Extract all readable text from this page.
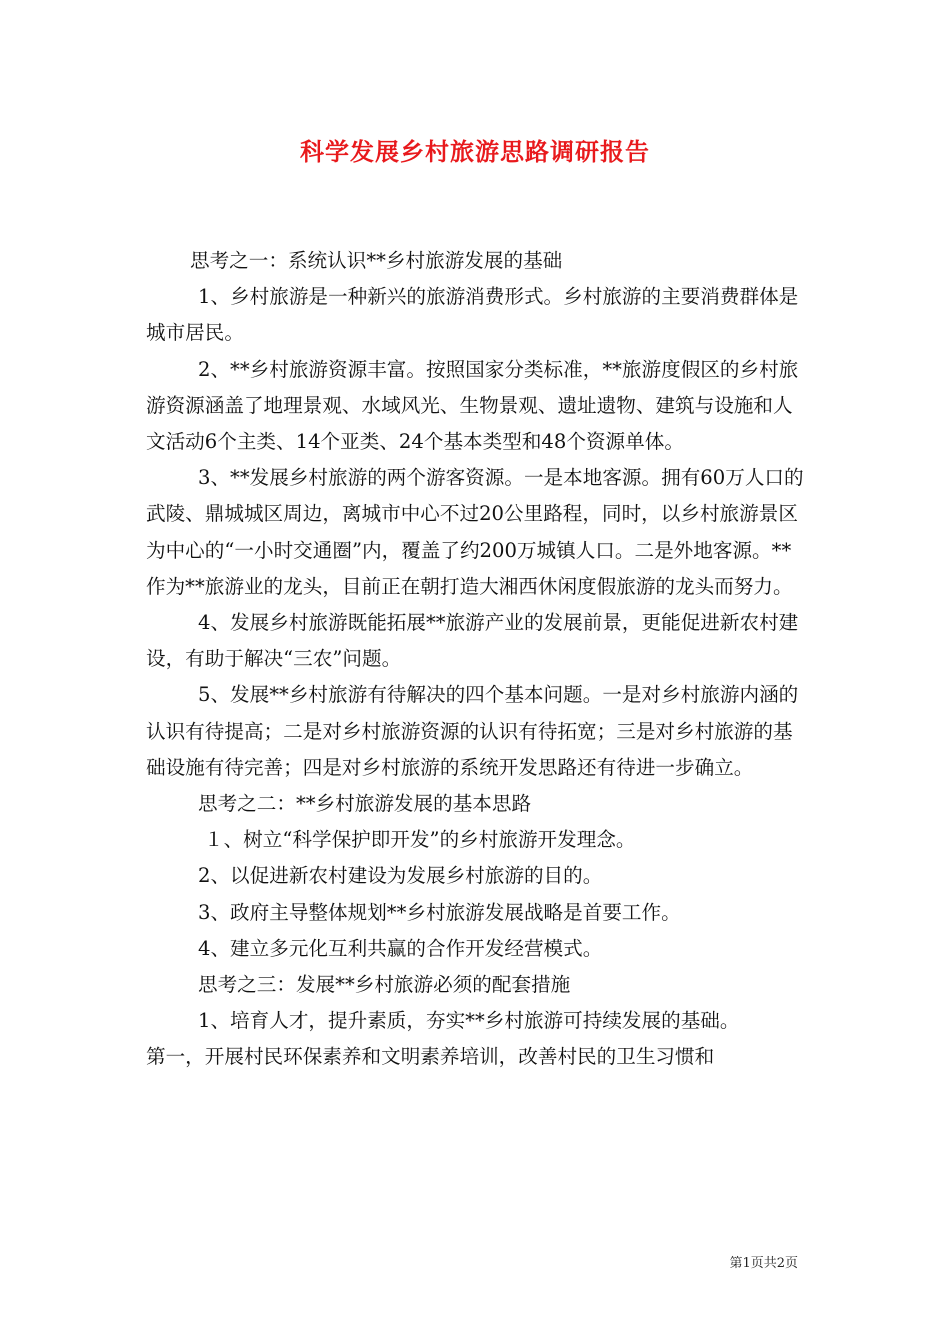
科学发展乡村旅游思路调研报告

思考之一：系统认识**乡村旅游发展的基础

1、乡村旅游是一种新兴的旅游消费形式。乡村旅游的主要消费群体是城市居民。

2、**乡村旅游资源丰富。按照国家分类标准，**旅游度假区的乡村旅游资源涵盖了地理景观、水域风光、生物景观、遗址遗物、建筑与设施和人文活动6个主类、14个亚类、24个基本类型和48个资源单体。

3、**发展乡村旅游的两个游客资源。一是本地客源。拥有60万人口的武陵、鼎城城区周边，离城市中心不过20公里路程，同时，以乡村旅游景区为中心的“一小时交通圈”内，覆盖了约200万城镇人口。二是外地客源。**作为**旅游业的龙头，目前正在朝打造大湘西休闲度假旅游的龙头而努力。

4、发展乡村旅游既能拓展**旅游产业的发展前景，更能促进新农村建设，有助于解决“三农”问题。

5、发展**乡村旅游有待解决的四个基本问题。一是对乡村旅游内涵的认识有待提高；二是对乡村旅游资源的认识有待拓宽；三是对乡村旅游的基础设施有待完善；四是对乡村旅游的系统开发思路还有待进一步确立。

思考之二：**乡村旅游发展的基本思路

１、树立“科学保护即开发”的乡村旅游开发理念。

2、以促进新农村建设为发展乡村旅游的目的。

3、政府主导整体规划**乡村旅游发展战略是首要工作。

4、建立多元化互利共赢的合作开发经营模式。

思考之三：发展**乡村旅游必须的配套措施

1、培育人才，提升素质，夯实**乡村旅游可持续发展的基础。

第一，开展村民环保素养和文明素养培训，改善村民的卫生习惯和

第1页共2页
